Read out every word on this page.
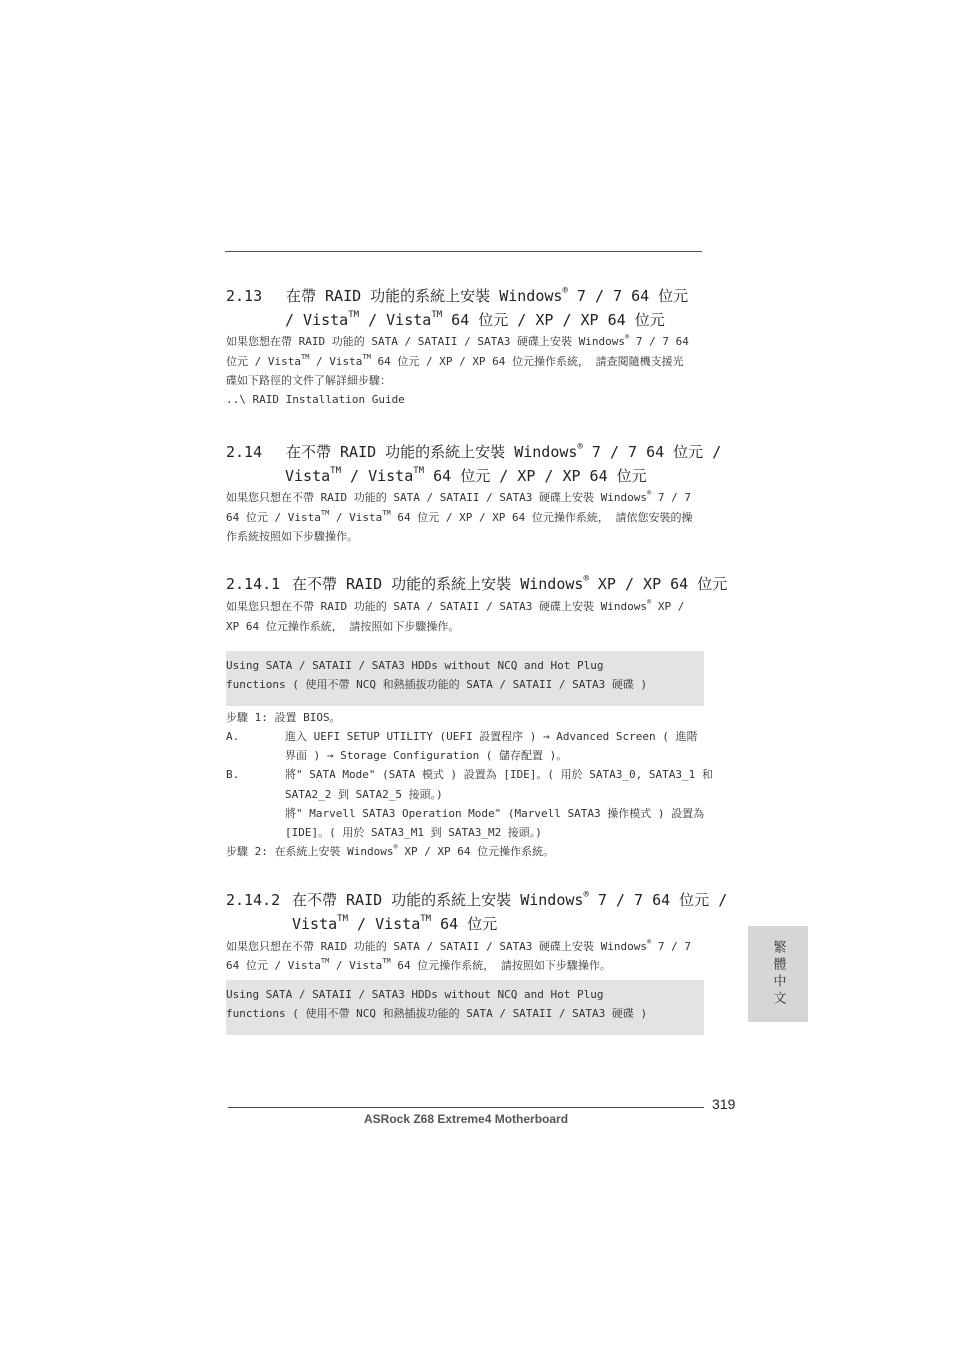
2.13 在帶 RAID 功能的系統上安裝 Windows® 7 / 7 64 位元
/ Vista™ / Vista™ 64 位元 / XP / XP 64 位元
如果您想在帶 RAID 功能的 SATA / SATAII / SATA3 硬碟上安裝 Windows® 7 / 7 64
位元 / Vista™ / Vista™ 64 位元 / XP / XP 64 位元操作系統， 請查閱隨機支援光
碟如下路徑的文件了解詳細步驟：
..\ RAID Installation Guide
2.14 在不帶 RAID 功能的系統上安裝 Windows® 7 / 7 64 位元 /
Vista™ / Vista™ 64 位元 / XP / XP 64 位元
如果您只想在不帶 RAID 功能的 SATA / SATAII / SATA3 硬碟上安裝 Windows® 7 / 7
64 位元 / Vista™ / Vista™ 64 位元 / XP / XP 64 位元操作系統， 請依您安裝的操
作系統按照如下步驟操作。
2.14.1 在不帶 RAID 功能的系統上安裝 Windows® XP / XP 64 位元
如果您只想在不帶 RAID 功能的 SATA / SATAII / SATA3 硬碟上安裝 Windows® XP /
XP 64 位元操作系統， 請按照如下步驟操作。
Using SATA / SATAII / SATA3 HDDs without NCQ and Hot Plug
functions ( 使用不帶 NCQ 和熱插拔功能的 SATA / SATAII / SATA3 硬碟 )
步驟 1: 設置 BIOS。
A.	進入 UEFI SETUP UTILITY (UEFI 設置程序 ) → Advanced Screen ( 進階
界面 ) → Storage Configuration ( 儲存配置 )。
B.	將" SATA Mode" (SATA 模式 ) 設置為 [IDE]。( 用於 SATA3_0, SATA3_1 和
SATA2_2 到 SATA2_5 接頭。)
將" Marvell SATA3 Operation Mode" (Marvell SATA3 操作模式 ) 設置為
[IDE]。( 用於 SATA3_M1 到 SATA3_M2 接頭。)
步驟 2: 在系統上安裝 Windows® XP / XP 64 位元操作系統。
2.14.2 在不帶 RAID 功能的系統上安裝 Windows® 7 / 7 64 位元 /
Vista™ / Vista™ 64 位元
如果您只想在不帶 RAID 功能的 SATA / SATAII / SATA3 硬碟上安裝 Windows® 7 / 7
64 位元 / Vista™ / Vista™ 64 位元操作系統， 請按照如下步驟操作。
Using SATA / SATAII / SATA3 HDDs without NCQ and Hot Plug
functions ( 使用不帶 NCQ 和熱插拔功能的 SATA / SATAII / SATA3 硬碟 )
繁體中文
319
ASRock Z68 Extreme4 Motherboard
